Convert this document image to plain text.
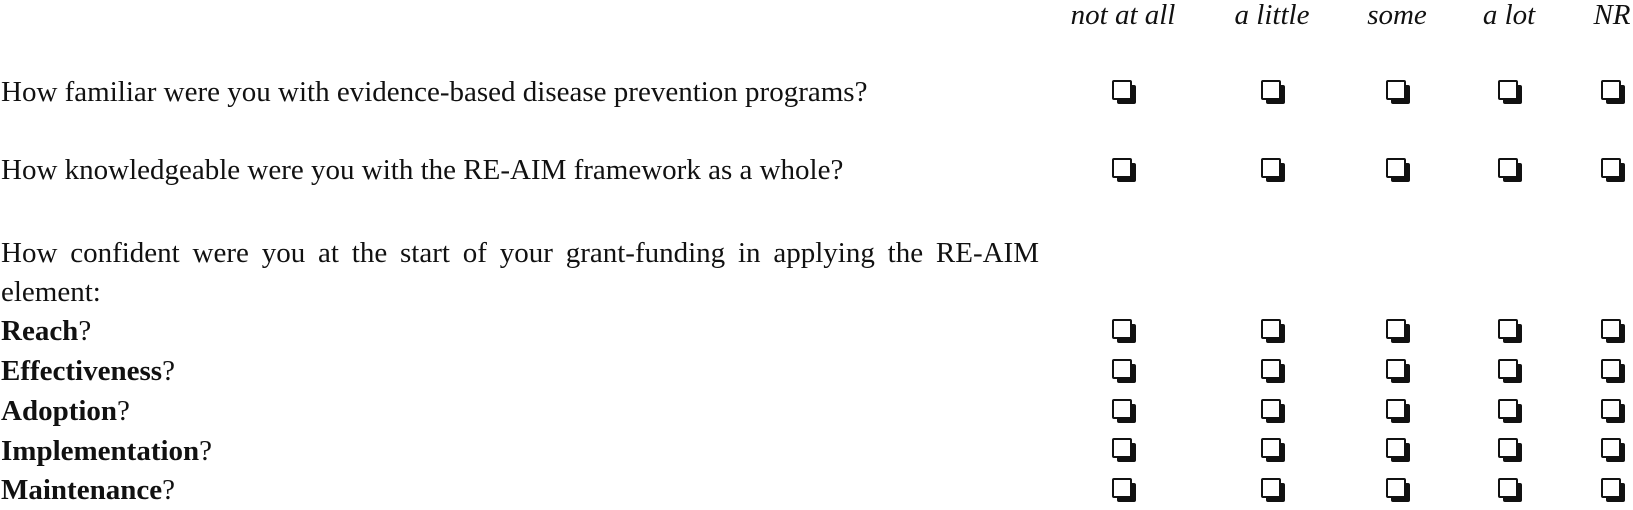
not at all a little some a lot NR
How familiar were you with evidence-based disease prevention programs?
How knowledgeable were you with the RE-AIM framework as a whole?
How confident were you at the start of your grant-funding in applying the RE-AIM element:
Reach?
Effectiveness?
Adoption?
Implementation?
Maintenance?
